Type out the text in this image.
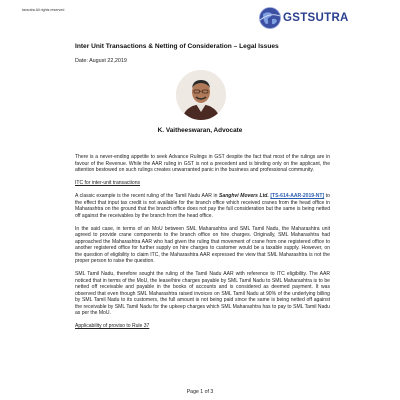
taxsutra All rights reserved
GSTSUTRA
Inter Unit Transactions & Netting of Consideration – Legal Issues
Date: August 22,2019
K. Vaitheeswaran, Advocate

There is a never-ending appetite to seek Advance Rulings in GST despite the fact that most of the rulings are in favour of the Revenue. While the AAR ruling in GST is not a precedent and is binding only on the applicant, the attention bestowed on such rulings creates unwarranted panic in the business and professional community.

ITC for inter-unit transactions

A classic example is the recent ruling of the Tamil Nadu AAR in Sanghvi Movers Ltd. [TS-614-AAR-2019-NT] to the effect that input tax credit is not available for the branch office which received cranes from the head office in Maharashtra on the ground that the branch office does not pay the full consideration but the same is being netted off against the receivables by the branch from the head office.

In the said case, in terms of an MoU between SML Maharashtra and SML Tamil Nadu, the Maharashtra unit agreed to provide crane components to the branch office on hire charges. Originally, SML Maharashtra had approached the Maharashtra AAR who had given the ruling that movement of crane from one registered office to another registered office for further supply on hire charges to customer would be a taxable supply. However, on the question of eligibility to claim ITC, the Maharashtra AAR expressed the view that SML Maharashtra is not the proper person to raise the question.

SML Tamil Nadu, therefore sought the ruling of the Tamil Nadu AAR with reference to ITC eligibility. The AAR noticed that in terms of the MoU, the lease/hire charges payable by SML Tamil Nadu to SML Maharashtra is to be netted off receivable and payable in the books of accounts and is considered as deemed payment. It was observed that even though SML Maharashtra raised invoices on SML Tamil Nadu at 90% of the underlying billing by SML Tamil Nadu to its customers, the full amount is not being paid since the same is being netted off against the receivable by SML Tamil Nadu for the upkeep charges which SML Maharashtra has to pay to SML Tamil Nadu as per the MoU.

Applicability of proviso to Rule 37
Page 1 of 3
